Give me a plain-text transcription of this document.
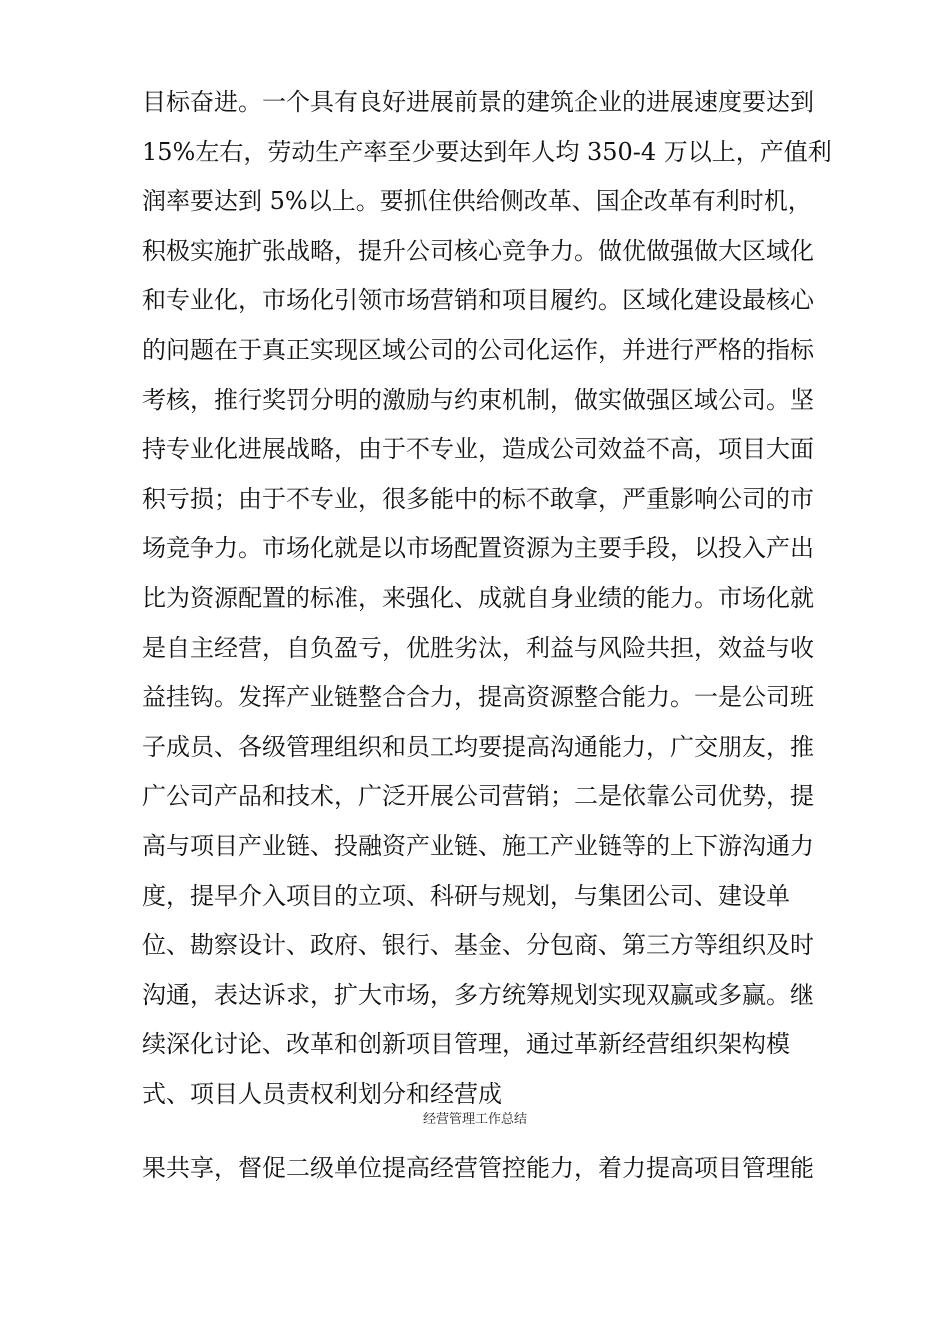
目标奋进。一个具有良好进展前景的建筑企业的进展速度要达到
15%左右，劳动生产率至少要达到年人均 350-4 万以上，产值利
润率要达到 5%以上。要抓住供给侧改革、国企改革有利时机，
积极实施扩张战略，提升公司核心竞争力。做优做强做大区域化
和专业化，市场化引领市场营销和项目履约。区域化建设最核心
的问题在于真正实现区域公司的公司化运作，并进行严格的指标
考核，推行奖罚分明的激励与约束机制，做实做强区域公司。坚
持专业化进展战略，由于不专业，造成公司效益不高，项目大面
积亏损；由于不专业，很多能中的标不敢拿，严重影响公司的市
场竞争力。市场化就是以市场配置资源为主要手段，以投入产出
比为资源配置的标准，来强化、成就自身业绩的能力。市场化就
是自主经营，自负盈亏，优胜劣汰，利益与风险共担，效益与收
益挂钩。发挥产业链整合合力，提高资源整合能力。一是公司班
子成员、各级管理组织和员工均要提高沟通能力，广交朋友，推
广公司产品和技术，广泛开展公司营销；二是依靠公司优势，提
高与项目产业链、投融资产业链、施工产业链等的上下游沟通力
度，提早介入项目的立项、科研与规划，与集团公司、建设单
位、勘察设计、政府、银行、基金、分包商、第三方等组织及时
沟通，表达诉求，扩大市场，多方统筹规划实现双赢或多赢。继
续深化讨论、改革和创新项目管理，通过革新经营组织架构模
式、项目人员责权利划分和经营成
经营管理工作总结
果共享，督促二级单位提高经营管控能力，着力提高项目管理能
